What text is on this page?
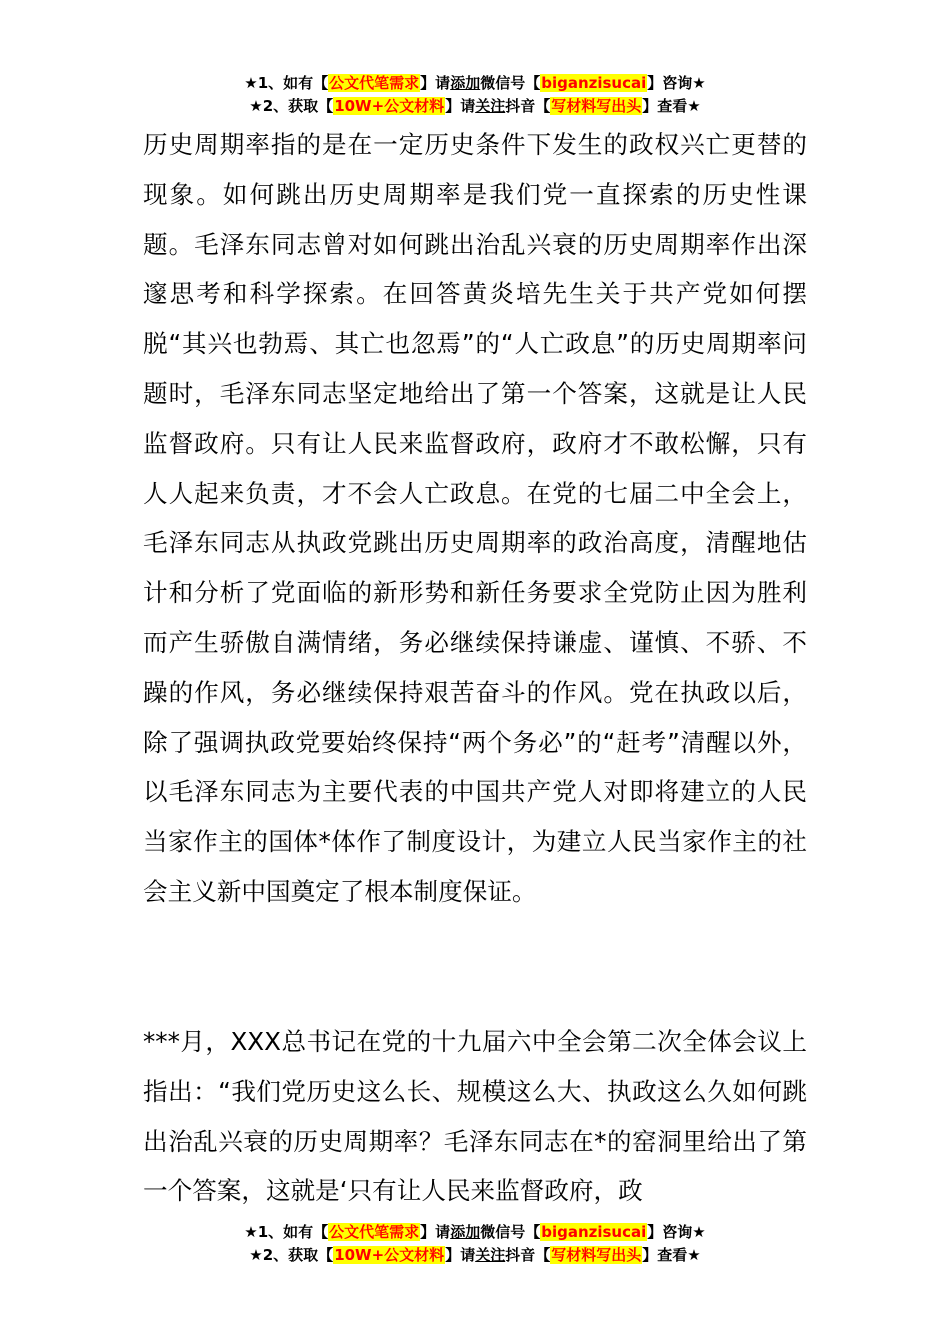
★1、如有【公文代笔需求】请添加微信号【biganzisucai】咨询★
★2、获取【10W+公文材料】请关注抖音【写材料写出头】查看★

历史周期率指的是在一定历史条件下发生的政权兴亡更替的现象。如何跳出历史周期率是我们党一直探索的历史性课题。毛泽东同志曾对如何跳出治乱兴衰的历史周期率作出深邃思考和科学探索。在回答黄炎培先生关于共产党如何摆脱“其兴也勃焉、其亡也忽焉”的“人亡政息”的历史周期率问题时，毛泽东同志坚定地给出了第一个答案，这就是让人民监督政府。只有让人民来监督政府，政府才不敢松懈，只有人人起来负责，才不会人亡政息。在党的七届二中全会上，毛泽东同志从执政党跳出历史周期率的政治高度，清醒地估计和分析了党面临的新形势和新任务要求全党防止因为胜利而产生骄傲自满情绪，务必继续保持谦虚、谨慎、不骄、不躁的作风，务必继续保持艰苦奋斗的作风。党在执政以后，除了强调执政党要始终保持“两个务必”的“赶考”清醒以外，以毛泽东同志为主要代表的中国共产党人对即将建立的人民当家作主的国体*体作了制度设计，为建立人民当家作主的社会主义新中国奠定了根本制度保证。

***月，XXX总书记在党的十九届六中全会第二次全体会议上指出：“我们党历史这么长、规模这么大、执政这么久如何跳出治乱兴衰的历史周期率？毛泽东同志在*的窑洞里给出了第一个答案，这就是‘只有让人民来监督政府，政

★1、如有【公文代笔需求】请添加微信号【biganzisucai】咨询★
★2、获取【10W+公文材料】请关注抖音【写材料写出头】查看★
